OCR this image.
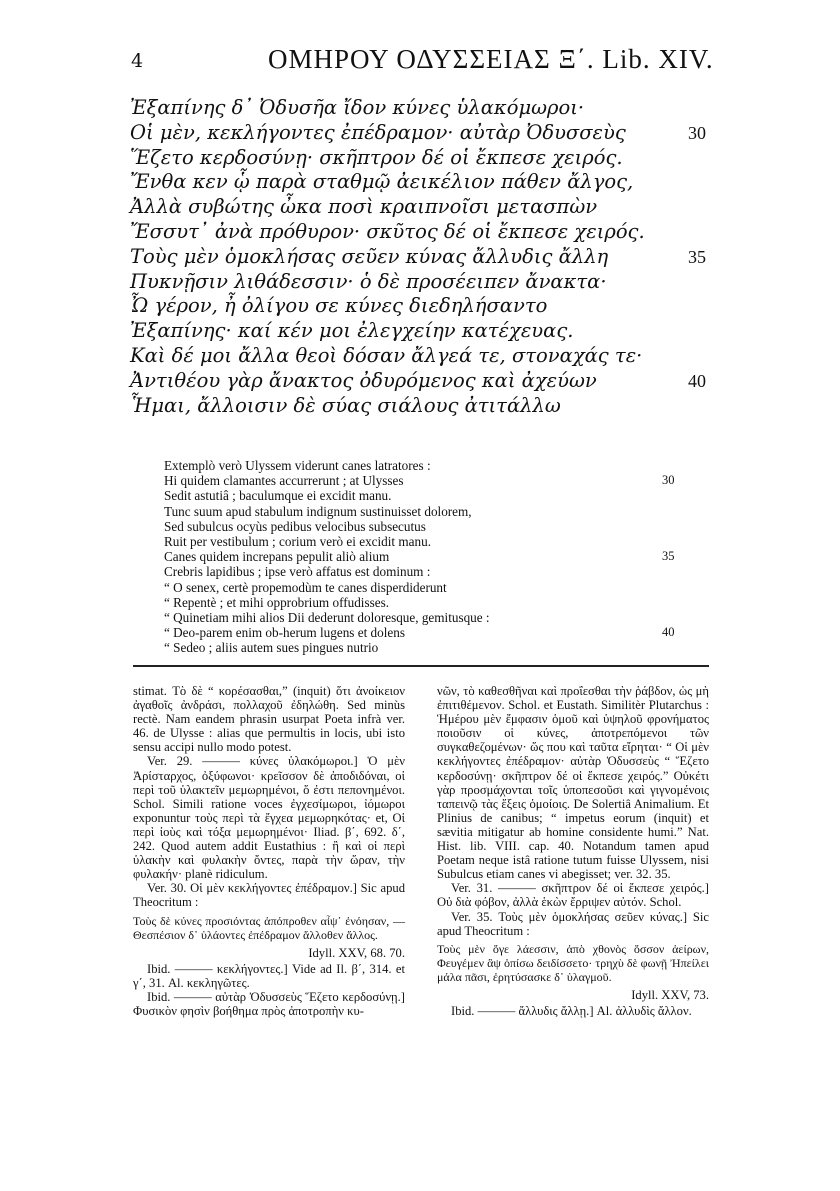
4	ΟΜΗΡΟΥ ΟΔΥΣΣΕΙΑΣ Ξ΄. Lib. XIV.
Ἐξαπίνης δ᾽ Ὀδυσῆα ἴδον κύνες ὑλακόμωροι·
Οἱ μὲν, κεκλήγοντες ἐπέδραμον· αὐτὰρ Ὀδυσσεὺς	30
Ἕζετο κερδοσύνῃ· σκῆπτρον δέ οἱ ἔκπεσε χειρός.
Ἔνθα κεν ᾧ παρὰ σταθμῷ ἀεικέλιον πάθεν ἄλγος,
Ἀλλὰ συβώτης ὦκα ποσὶ κραιπνοῖσι μετασπὼν
Ἔσσυτ᾽ ἀνὰ πρόθυρον· σκῦτος δέ οἱ ἔκπεσε χειρός.
Τοὺς μὲν ὁμοκλήσας σεῦεν κύνας ἄλλυδις ἄλλη	35
Πυκνῇσιν λιθάδεσσιν· ὁ δὲ προσέειπεν ἄνακτα·
Ὦ γέρον, ἦ ὀλίγου σε κύνες διεδηλήσαντο
Ἐξαπίνης· καί κέν μοι ἐλεγχείην κατέχευας.
Καὶ δέ μοι ἄλλα θεοὶ δόσαν ἄλγεά τε, στοναχάς τε·
Ἀντιθέου γὰρ ἄνακτος ὀδυρόμενος καὶ ἀχεύων	40
Ἧμαι, ἄλλοισιν δὲ σύας σιάλους ἀτιτάλλω
Extemplò verò Ulyssem viderunt canes latratores :
Hi quidem clamantes accurrerunt ; at Ulysses	30
Sedit astutiâ ; baculumque ei excidit manu.
Tunc suum apud stabulum indignum sustinuisset dolorem,
Sed subulcus ocyùs pedibus velocibus subsecutus
Ruit per vestibulum ; corium verò ei excidit manu.
Canes quidem increpans pepulit aliò alium	35
Crebris lapidibus ; ipse verò affatus est dominum :
“ O senex, certè propemodùm te canes disperdiderunt
“ Repentè ; et mihi opprobrium offudisses.
“ Quinetiam mihi alios Dii dederunt doloresque, gemitusque :
“ Deo-parem enim ob-herum lugens et dolens	40
“ Sedeo ; aliis autem sues pingues nutrio

stimat. Τὸ δὲ “ κορέσασθαι,” (inquit) ὅτι ἀνοίκειον ἀγαθοῖς ἀνδράσι, πολλαχοῦ ἐδηλώθη. Sed minùs rectè. Nam eandem phrasin usurpat Poeta infrà ver. 46. de Ulysse : alias que permultis in locis, ubi isto sensu accipi nullo modo potest.

Ver. 29. ——— κύνες ὑλακόμωροι.] Ὁ μὲν Ἀρίσταρχος, ὀξύφωνοι· κρεῖσσον δὲ ἀποδιδόναι, οἱ περὶ τοῦ ὑλακτεῖν μεμωρημένοι, ὅ ἐστι πεπονημένοι. Schol. Simili ratione voces ἐγχεσίμωροι, ἰόμωροι exponuntur τοὺς περὶ τὰ ἔγχεα μεμωρηκότας· et, Οἱ περὶ ἰοὺς καὶ τόξα μεμωρημένοι· Iliad. β΄, 692. δ΄, 242. Quod autem addit Eustathius : ἢ καὶ οἱ περὶ ὑλακὴν καὶ φυλακὴν ὄντες, παρὰ τὴν ὥραν, τὴν φυλακήν· planè ridiculum.

Ver. 30. Οἱ μὲν κεκλήγοντες ἐπέδραμον.] Sic apud Theocritum :

Τοὺς δὲ κύνες προσιόντας ἀπόπροθεν αἶψ᾽ ἐνόησαν, — Θεσπέσιον δ᾽ ὑλάοντες ἐπέδραμον ἄλλοθεν ἄλλος.

Idyll. XXV, 68. 70.

Ibid. ——— κεκλήγοντες.] Vide ad Il. β΄, 314. et γ΄, 31. Al. κεκληγῶτες.

Ibid. ——— αὐτὰρ Ὀδυσσεὺς Ἕζετο κερδοσύνῃ.] Φυσικὸν φησὶν βοήθημα πρὸς ἀποτροπὴν κυ-

νῶν, τὸ καθεσθῆναι καὶ προΐεσθαι τὴν ῥάβδον, ὡς μὴ ἐπιτιθέμενον. Schol. et Eustath. Similitèr Plutarchus : Ἡμέρου μὲν ἔμφασιν ὁμοῦ καὶ ὑψηλοῦ φρονήματος ποιοῦσιν οἱ κύνες, ἀποτρεπόμενοι τῶν συγκαθεζομένων· ὥς που καὶ ταῦτα εἴρηται· “ Οἱ μὲν κεκλήγοντες ἐπέδραμον· αὐτὰρ Ὀδυσσεὺς “ Ἕζετο κερδοσύνῃ· σκῆπτρον δέ οἱ ἔκπεσε χειρός.” Οὐκέτι γὰρ προσμάχονται τοῖς ὑποπεσοῦσι καὶ γιγνομένοις ταπεινῷ τὰς ἕξεις ὁμοίοις. De Solertiâ Animalium. Et Plinius de canibus; “ impetus eorum (inquit) et sævitia mitigatur ab homine considente humi.” Nat. Hist. lib. VIII. cap. 40. Notandum tamen apud Poetam neque istâ ratione tutum fuisse Ulyssem, nisi Subulcus etiam canes vi abegisset; ver. 32. 35.

Ver. 31. ——— σκῆπτρον δέ οἱ ἔκπεσε χειρός.] Οὐ διὰ φόβον, ἀλλὰ ἑκὼν ἔρριψεν αὐτόν. Schol.

Ver. 35. Τοὺς μὲν ὁμοκλήσας σεῦεν κύνας.] Sic apud Theocritum :

Τοὺς μὲν ὅγε λάεσσιν, ἀπὸ χθονὸς ὅσσον ἀείρων, Φευγέμεν ἂψ ὀπίσω δειδίσσετο· τρηχὺ δὲ φωνῇ Ἠπείλει μάλα πᾶσι, ἐρητύσασκε δ᾽ ὑλαγμοῦ.

Idyll. XXV, 73.

Ibid. ——— ἄλλυδις ἄλλῃ.] Al. ἀλλυδὶς ἄλλον.
